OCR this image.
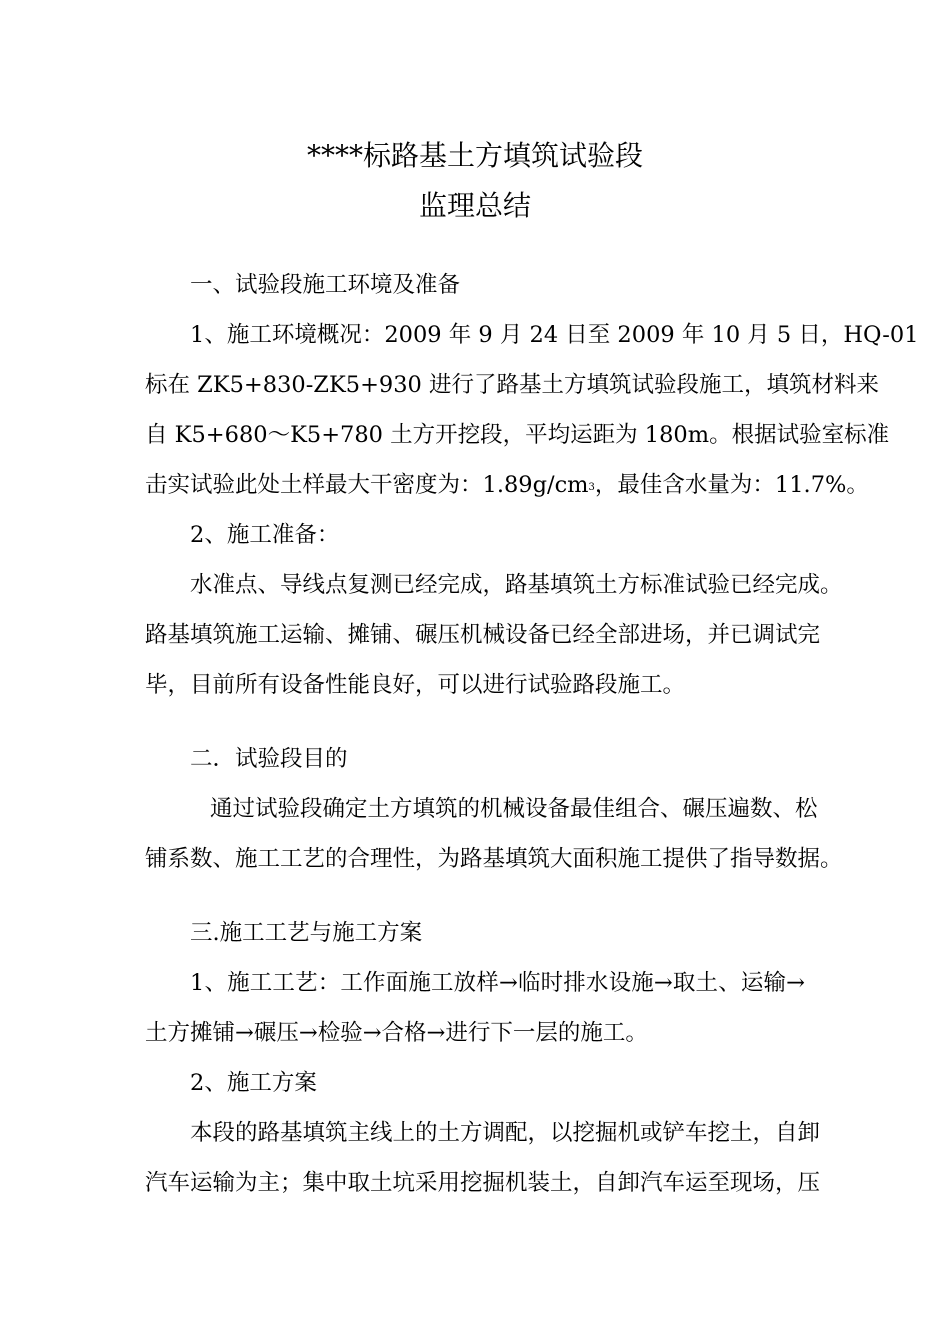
****标路基土方填筑试验段
监理总结
一、试验段施工环境及准备
1、施工环境概况：2009 年 9 月 24 日至 2009 年 10 月 5 日，HQ-01
标在 ZK5+830-ZK5+930 进行了路基土方填筑试验段施工，填筑材料来
自 K5+680～K5+780 土方开挖段，平均运距为 180m。根据试验室标准
击实试验此处土样最大干密度为：$1.89g/cm^3$，最佳含水量为：11.7%。
2、施工准备：
水准点、导线点复测已经完成，路基填筑土方标准试验已经完成。
路基填筑施工运输、摊铺、碾压机械设备已经全部进场，并已调试完
毕，目前所有设备性能良好，可以进行试验路段施工。
二．试验段目的
通过试验段确定土方填筑的机械设备最佳组合、碾压遍数、松
铺系数、施工工艺的合理性，为路基填筑大面积施工提供了指导数据。
三.施工工艺与施工方案
1、施工工艺：工作面施工放样→临时排水设施→取土、运输→
土方摊铺→碾压→检验→合格→进行下一层的施工。
2、施工方案
本段的路基填筑主线上的土方调配，以挖掘机或铲车挖土，自卸
汽车运输为主；集中取土坑采用挖掘机装土，自卸汽车运至现场，压
